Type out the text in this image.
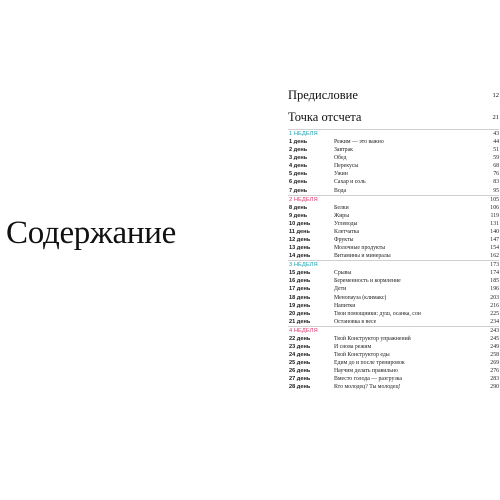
Содержание
Предисловие	12
Точка отсчета	21
1 НЕДЕЛЯ	43
1 день	Режим — это важно	44
2 день	Завтрак	51
3 день	Обед	59
4 день	Перекусы	68
5 день	Ужин	76
6 день	Сахар и соль	83
7 день	Вода	95
2 НЕДЕЛЯ	105
8 день	Белки	106
9 день	Жиры	119
10 день	Углеводы	131
11 день	Клетчатка	140
12 день	Фрукты	147
13 день	Молочные продукты	154
14 день	Витамины и минералы	162
3 НЕДЕЛЯ	173
15 день	Срывы	174
16 день	Беременность и кормление	185
17 день	Дети	196
18 день	Менопауза (климакс)	203
19 день	Напитки	216
20 день	Твои помощники: душ, осанка, сон	225
21 день	Остановка в весе	234
4 НЕДЕЛЯ	243
22 день	Твой Конструктор упражнений	245
23 день	И снова режим	249
24 день	Твой Конструктор еды	258
25 день	Едим до и после тренировок	269
26 день	Научим делать правильно	276
27 день	Вместо голода — разгрузка	283
28 день	Кто молодец? Ты молодец!	290
